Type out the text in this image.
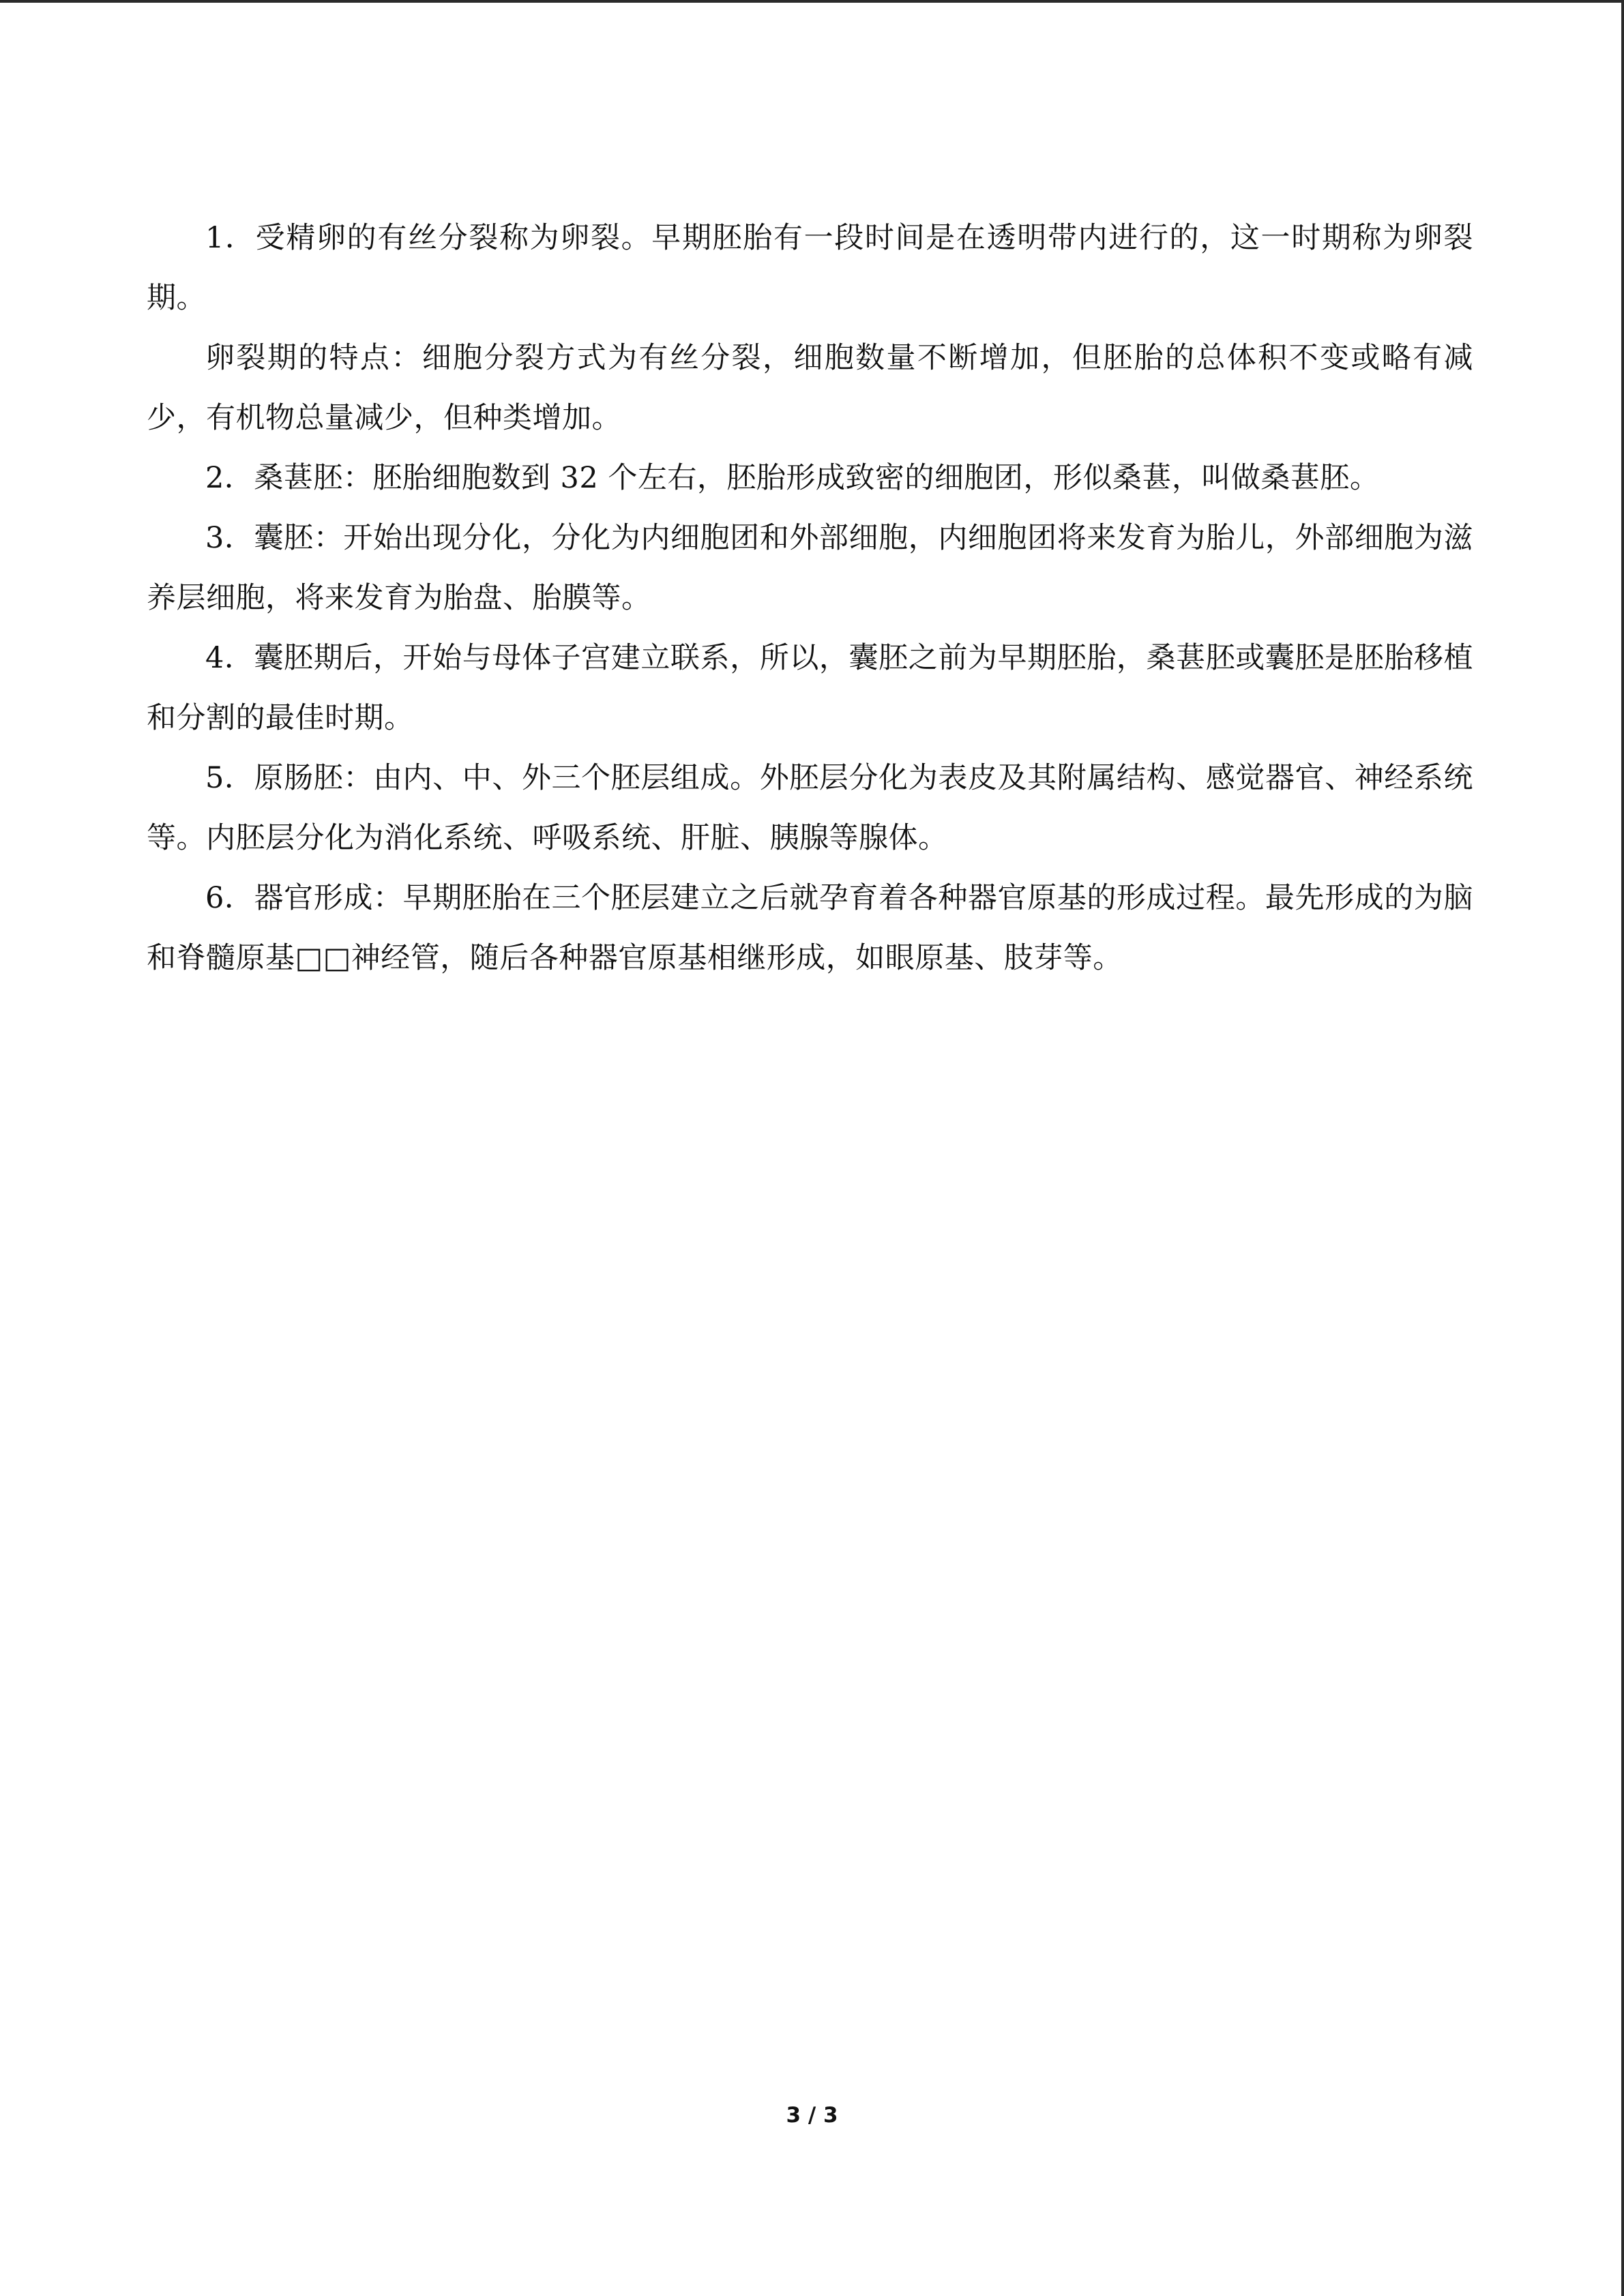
1．受精卵的有丝分裂称为卵裂。早期胚胎有一段时间是在透明带内进行的，这一时期称为卵裂期。

卵裂期的特点：细胞分裂方式为有丝分裂，细胞数量不断增加，但胚胎的总体积不变或略有减少，有机物总量减少，但种类增加。

2．桑葚胚：胚胎细胞数到 32 个左右，胚胎形成致密的细胞团，形似桑葚，叫做桑葚胚。

3．囊胚：开始出现分化，分化为内细胞团和外部细胞，内细胞团将来发育为胎儿，外部细胞为滋养层细胞，将来发育为胎盘、胎膜等。

4．囊胚期后，开始与母体子宫建立联系，所以，囊胚之前为早期胚胎，桑葚胚或囊胚是胚胎移植和分割的最佳时期。

5．原肠胚：由内、中、外三个胚层组成。外胚层分化为表皮及其附属结构、感觉器官、神经系统等。内胚层分化为消化系统、呼吸系统、肝脏、胰腺等腺体。

6．器官形成：早期胚胎在三个胚层建立之后就孕育着各种器官原基的形成过程。最先形成的为脑和脊髓原基□□神经管，随后各种器官原基相继形成，如眼原基、肢芽等。

3 / 3
